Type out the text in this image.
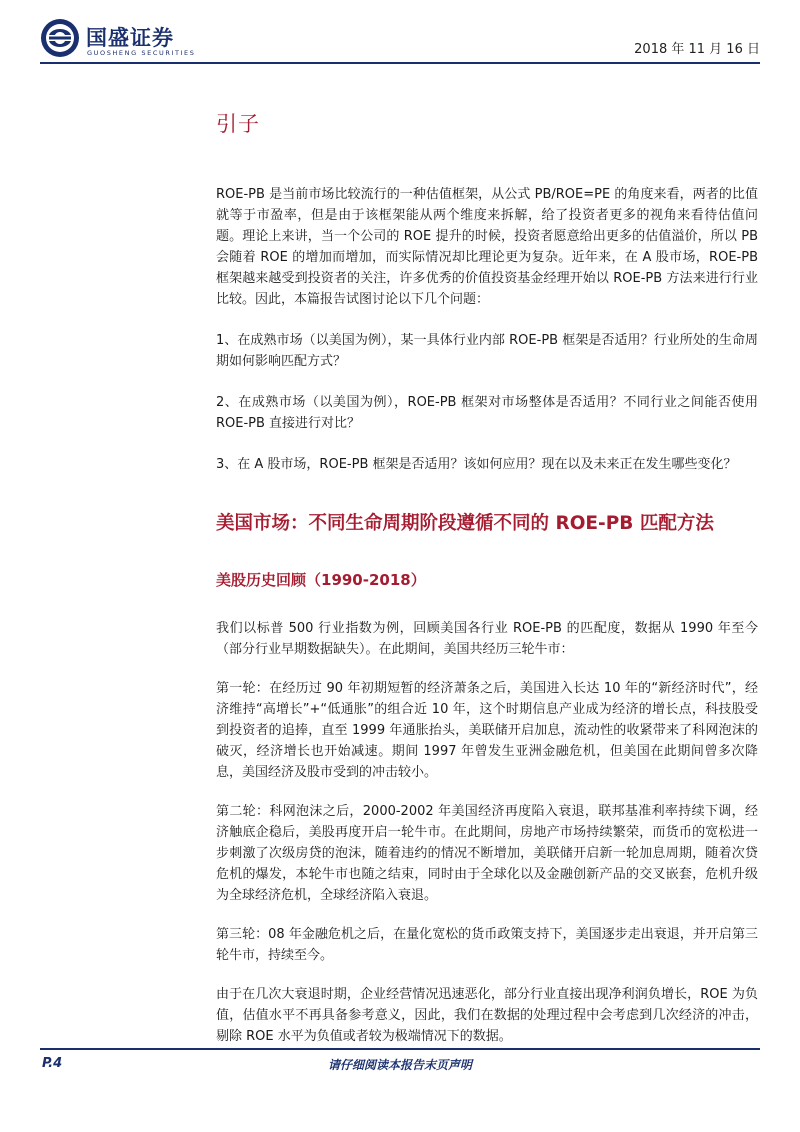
国盛证券
GUOSHENG SECURITIES	2018 年 11 月 16 日
引子

ROE-PB 是当前市场比较流行的一种估值框架，从公式 PB/ROE=PE 的角度来看，两者的比值就等于市盈率，但是由于该框架能从两个维度来拆解，给了投资者更多的视角来看待估值问题。理论上来讲，当一个公司的 ROE 提升的时候，投资者愿意给出更多的估值溢价，所以 PB 会随着 ROE 的增加而增加，而实际情况却比理论更为复杂。近年来，在 A 股市场，ROE-PB 框架越来越受到投资者的关注，许多优秀的价值投资基金经理开始以 ROE-PB 方法来进行行业比较。因此，本篇报告试图讨论以下几个问题：

1、在成熟市场（以美国为例），某一具体行业内部 ROE-PB 框架是否适用？行业所处的生命周期如何影响匹配方式？

2、在成熟市场（以美国为例），ROE-PB 框架对市场整体是否适用？不同行业之间能否使用 ROE-PB 直接进行对比？

3、在 A 股市场，ROE-PB 框架是否适用？该如何应用？现在以及未来正在发生哪些变化？

美国市场：不同生命周期阶段遵循不同的 ROE-PB 匹配方法
美股历史回顾（1990-2018）

我们以标普 500 行业指数为例，回顾美国各行业 ROE-PB 的匹配度，数据从 1990 年至今（部分行业早期数据缺失）。在此期间，美国共经历三轮牛市：

第一轮：在经历过 90 年初期短暂的经济萧条之后，美国进入长达 10 年的“新经济时代”，经济维持“高增长”+“低通胀”的组合近 10 年，这个时期信息产业成为经济的增长点，科技股受到投资者的追捧，直至 1999 年通胀抬头，美联储开启加息，流动性的收紧带来了科网泡沫的破灭，经济增长也开始减速。期间 1997 年曾发生亚洲金融危机，但美国在此期间曾多次降息，美国经济及股市受到的冲击较小。

第二轮：科网泡沫之后，2000-2002 年美国经济再度陷入衰退，联邦基准利率持续下调，经济触底企稳后，美股再度开启一轮牛市。在此期间，房地产市场持续繁荣，而货币的宽松进一步刺激了次级房贷的泡沫，随着违约的情况不断增加，美联储开启新一轮加息周期，随着次贷危机的爆发，本轮牛市也随之结束，同时由于全球化以及金融创新产品的交叉嵌套，危机升级为全球经济危机，全球经济陷入衰退。

第三轮：08 年金融危机之后，在量化宽松的货币政策支持下，美国逐步走出衰退，并开启第三轮牛市，持续至今。

由于在几次大衰退时期，企业经营情况迅速恶化，部分行业直接出现净利润负增长，ROE 为负值，估值水平不再具备参考意义，因此，我们在数据的处理过程中会考虑到几次经济的冲击，剔除 ROE 水平为负值或者较为极端情况下的数据。

P.4	请仔细阅读本报告末页声明
